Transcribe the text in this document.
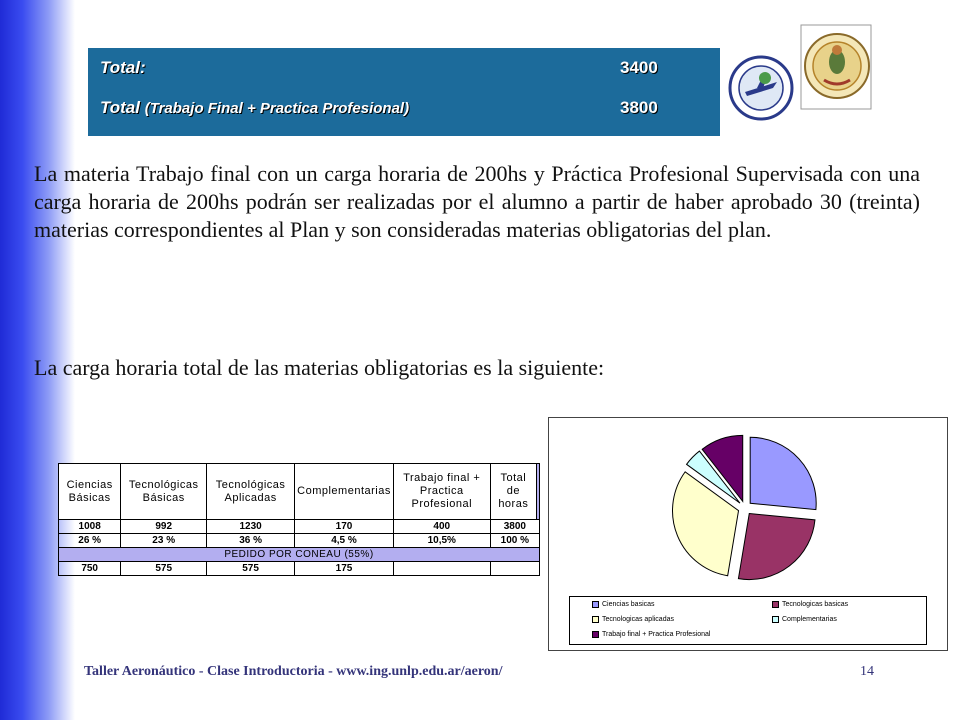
Total:	3400
Total (Trabajo Final + Practica Profesional)	3800

La materia Trabajo final con un carga horaria de 200hs y Práctica Profesional Supervisada con una carga horaria de 200hs podrán ser realizadas por el alumno a partir de haber aprobado 30 (treinta) materias correspondientes al Plan y son consideradas materias obligatorias del plan.

La carga horaria total de las materias obligatorias es la siguiente:

Ciencias Básicas	Tecnológicas Básicas	Tecnológicas Aplicadas	Complementarias	Trabajo final + Practica Profesional	Total de horas	
1008	992	1230	170	400	3800	
26 %	23 %	36 %	4,5 %	10,5%	100 %	
PEDIDO POR CONEAU (55%)						
750	575	575	175			
Ciencias basicas	Tecnologicas basicas
Tecnologicas aplicadas	Complementarias
Trabajo final + Practica Profesional
Taller Aeronáutico - Clase Introductoria - www.ing.unlp.edu.ar/aeron/	14
